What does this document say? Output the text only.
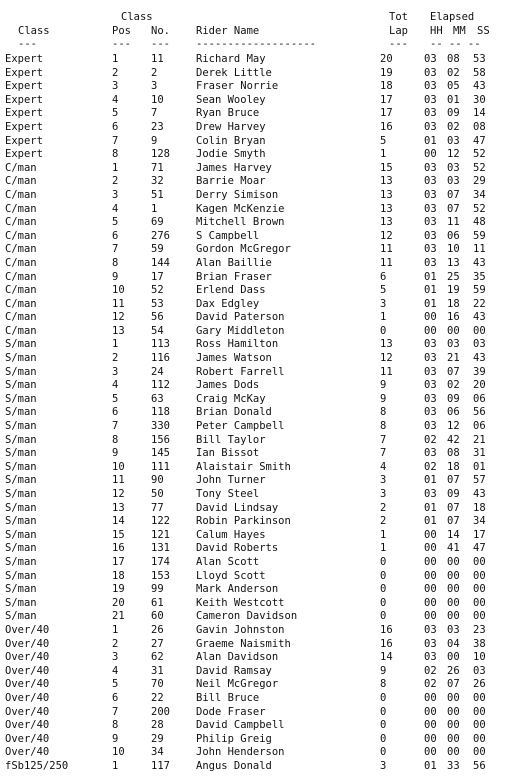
Class	Tot Elapsed
Class	Pos No. Rider Name	Lap HH MM SS
---	--- --- -------------------	--- -- -- --
Expert	1	11	Richard May	20	03 08 53
Expert	2	2	Derek Little	19	03 02 58
Expert	3	3	Fraser Norrie	18	03 05 43
Expert	4	10	Sean Wooley	17	03 01 30
Expert	5	7	Ryan Bruce	17	03 09 14
Expert	6	23	Drew Harvey	16	03 02 08
Expert	7	9	Colin Bryan	5	01 03 47
Expert	8	128 Jodie Smyth	1	00 12 52
C/man	1	71	James Harvey	15	03 03 52
C/man	2	32	Barrie Moar	13	03 03 29
C/man	3	51	Derry Simison	13	03 07 34
C/man	4	1	Kagen McKenzie	13	03 07 52
C/man	5	69	Mitchell Brown	13	03 11 48
C/man	6	276 S Campbell	12	03 06 59
C/man	7	59	Gordon McGregor	11	03 10 11
C/man	8	144 Alan Baillie	11	03 13 43
C/man	9	17	Brian Fraser	6	01 25 35
C/man	10	52	Erlend Dass	5	01 19 59
C/man	11	53	Dax Edgley	3	01 18 22
C/man	12	56	David Paterson	1	00 16 43
C/man	13	54	Gary Middleton	0	00 00 00
S/man	1	113 Ross Hamilton	13	03 03 03
S/man	2	116 James Watson	12	03 21 43
S/man	3	24	Robert Farrell	11	03 07 39
S/man	4	112 James Dods	9	03 02 20
S/man	5	63	Craig McKay	9	03 09 06
S/man	6	118 Brian Donald	8	03 06 56
S/man	7	330 Peter Campbell	8	03 12 06
S/man	8	156 Bill Taylor	7	02 42 21
S/man	9	145 Ian Bissot	7	03 08 31
S/man	10	111 Alaistair Smith	4	02 18 01
S/man	11	90	John Turner	3	01 07 57
S/man	12	50	Tony Steel	3	03 09 43
S/man	13	77	David Lindsay	2	01 07 18
S/man	14	122 Robin Parkinson	2	01 07 34
S/man	15	121 Calum Hayes	1	00 14 17
S/man	16	131 David Roberts	1	00 41 47
S/man	17	174 Alan Scott	0	00 00 00
S/man	18	153 Lloyd Scott	0	00 00 00
S/man	19	99	Mark Anderson	0	00 00 00
S/man	20	61	Keith Westcott	0	00 00 00
S/man	21	60	Cameron Davidson	0	00 00 00
Over/40	1	26	Gavin Johnston	16	03 03 23
Over/40	2	27	Graeme Naismith	16	03 04 38
Over/40	3	62	Alan Davidson	14	03 00 10
Over/40	4	31	David Ramsay	9	02 26 03
Over/40	5	70	Neil McGregor	8	02 07 26
Over/40	6	22	Bill Bruce	0	00 00 00
Over/40	7	200 Dode Fraser	0	00 00 00
Over/40	8	28	David Campbell	0	00 00 00
Over/40	9	29	Philip Greig	0	00 00 00
Over/40	10	34	John Henderson	0	00 00 00
fSb125/250	1	117 Angus Donald	3	01 33 56
